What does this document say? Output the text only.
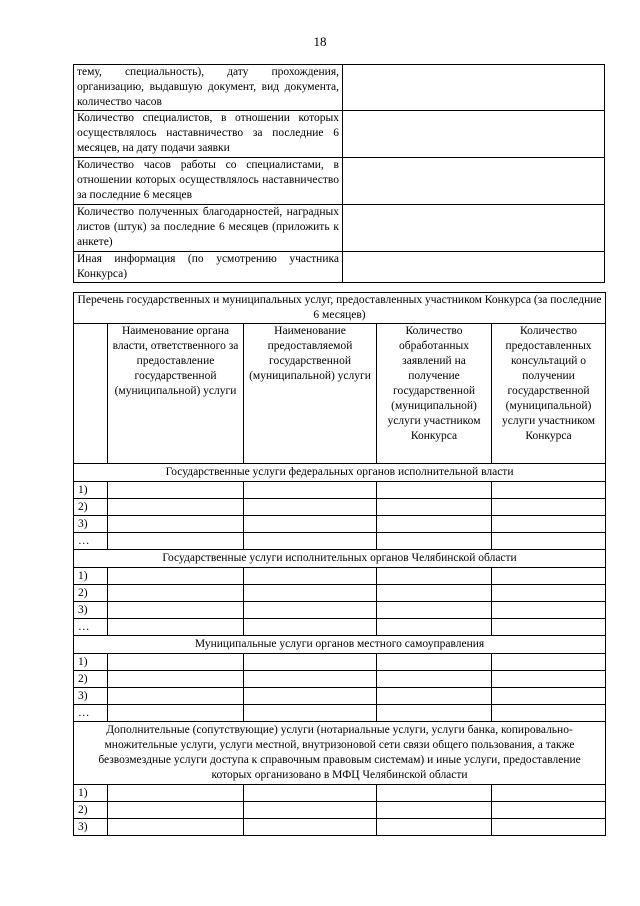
18
тему, специальность), дату прохождения, организацию, выдавшую документ, вид документа, количество часов	
Количество специалистов, в отношении которых осуществлялось наставничество за последние 6 месяцев, на дату подачи заявки	
Количество часов работы со специалистами, в отношении которых осуществлялось наставничество за последние 6 месяцев	
Количество полученных благодарностей, наградных листов (штук) за последние 6 месяцев (приложить к анкете)	
Иная информация (по усмотрению участника Конкурса)	
Перечень государственных и муниципальных услуг, предоставленных участником Конкурса (за последние 6 месяцев)				
	Наименование органа власти, ответственного за предоставление государственной (муниципальной) услуги	Наименование предоставляемой государственной (муниципальной) услуги	Количество обработанных заявлений на получение государственной (муниципальной) услуги участником Конкурса	Количество предоставленных консультаций о получении государственной (муниципальной) услуги участником Конкурса
Государственные услуги федеральных органов исполнительной власти				
1)				
2)				
3)				
…				
Государственные услуги исполнительных органов Челябинской области				
1)				
2)				
3)				
…				
Муниципальные услуги органов местного самоуправления				
1)				
2)				
3)				
…				
Дополнительные (сопутствующие) услуги (нотариальные услуги, услуги банка, копировально-множительные услуги, услуги местной, внутризоновой сети связи общего пользования, а также безвозмездные услуги доступа к справочным правовым системам) и иные услуги, предоставление которых организовано в МФЦ Челябинской области				
1)				
2)				
3)				
